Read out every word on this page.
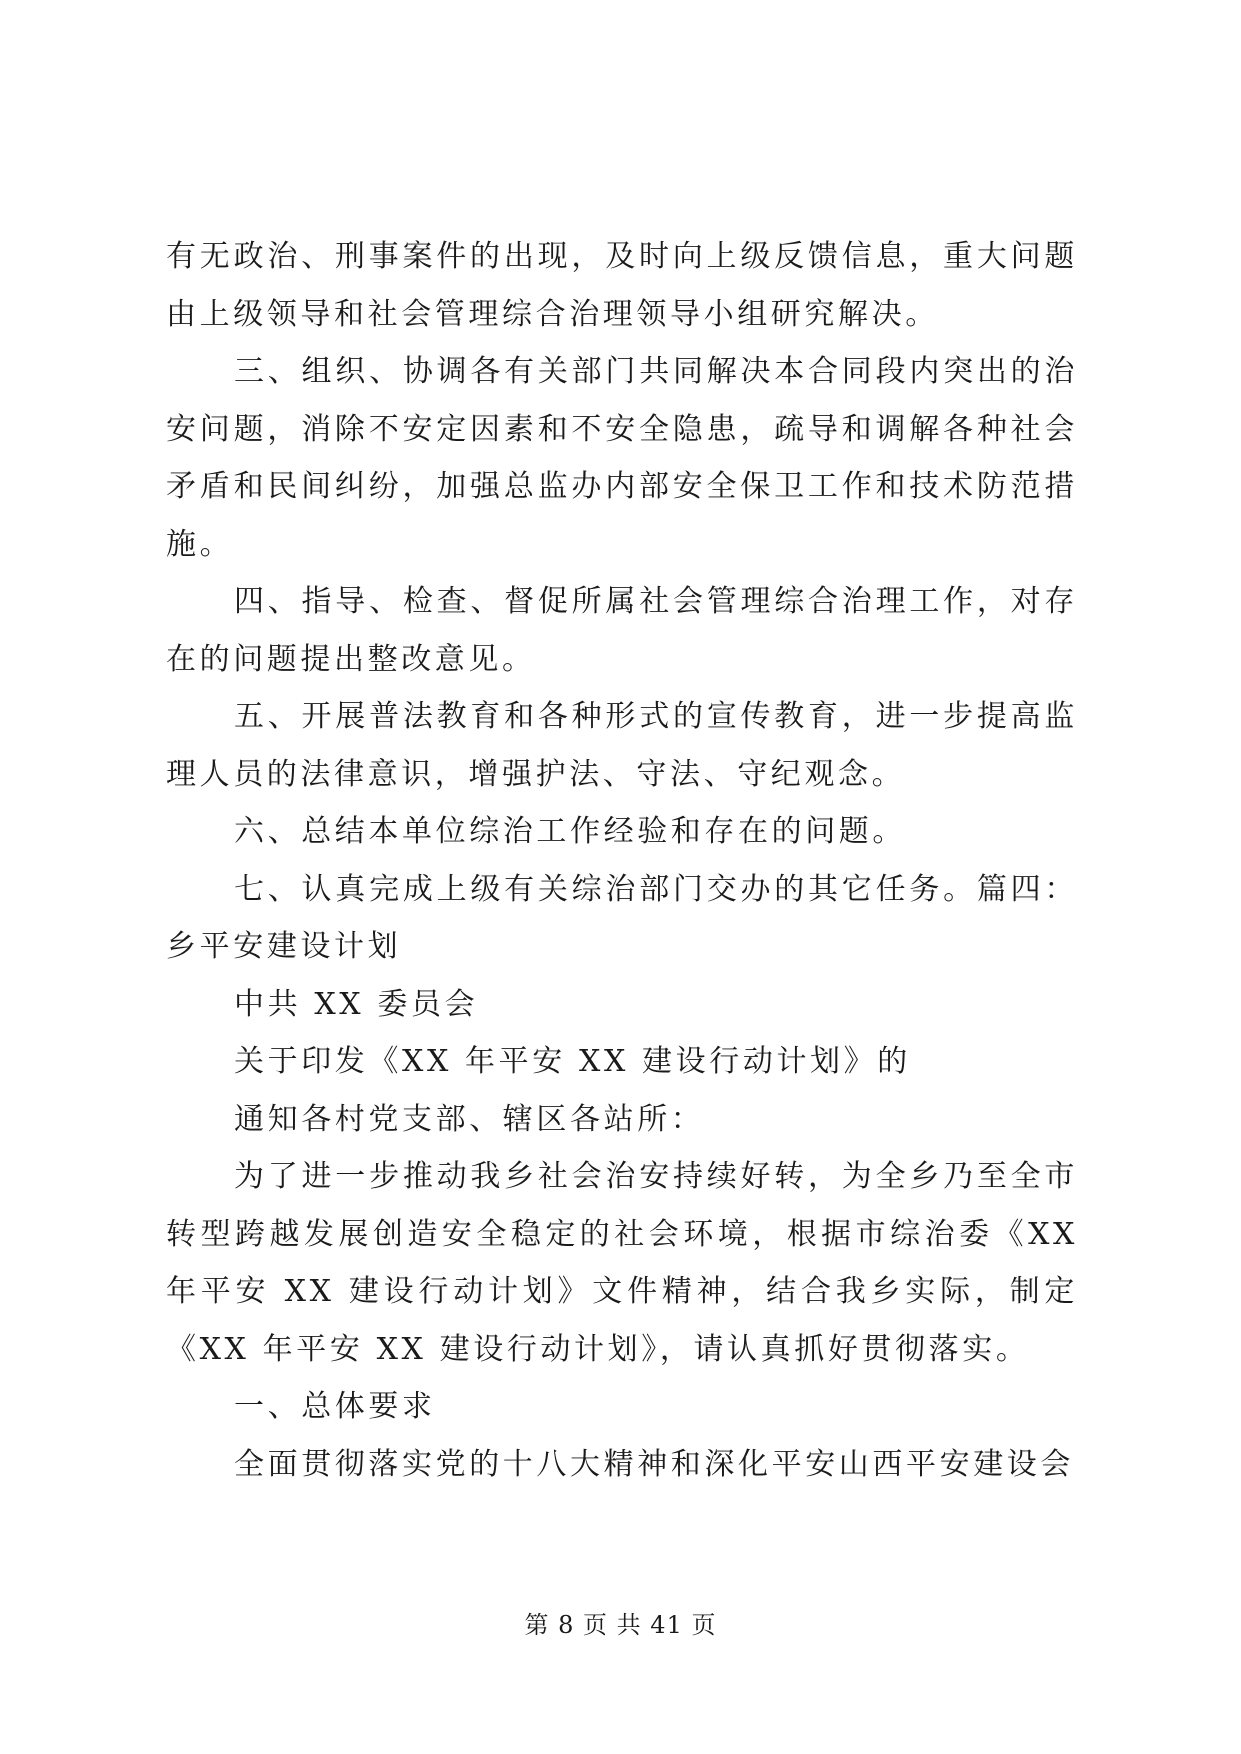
有无政治、刑事案件的出现，及时向上级反馈信息，重大问题由上级领导和社会管理综合治理领导小组研究解决。

三、组织、协调各有关部门共同解决本合同段内突出的治安问题，消除不安定因素和不安全隐患，疏导和调解各种社会矛盾和民间纠纷，加强总监办内部安全保卫工作和技术防范措施。

四、指导、检查、督促所属社会管理综合治理工作，对存在的问题提出整改意见。

五、开展普法教育和各种形式的宣传教育，进一步提高监理人员的法律意识，增强护法、守法、守纪观念。

六、总结本单位综治工作经验和存在的问题。

七、认真完成上级有关综治部门交办的其它任务。篇四：乡平安建设计划

中共 XX 委员会

关于印发《XX 年平安 XX 建设行动计划》的

通知各村党支部、辖区各站所：

为了进一步推动我乡社会治安持续好转，为全乡乃至全市转型跨越发展创造安全稳定的社会环境，根据市综治委《XX 年平安 XX 建设行动计划》文件精神，结合我乡实际，制定《XX 年平安 XX 建设行动计划》，请认真抓好贯彻落实。

一、总体要求

全面贯彻落实党的十八大精神和深化平安山西平安建设会

第 8 页 共 41 页
